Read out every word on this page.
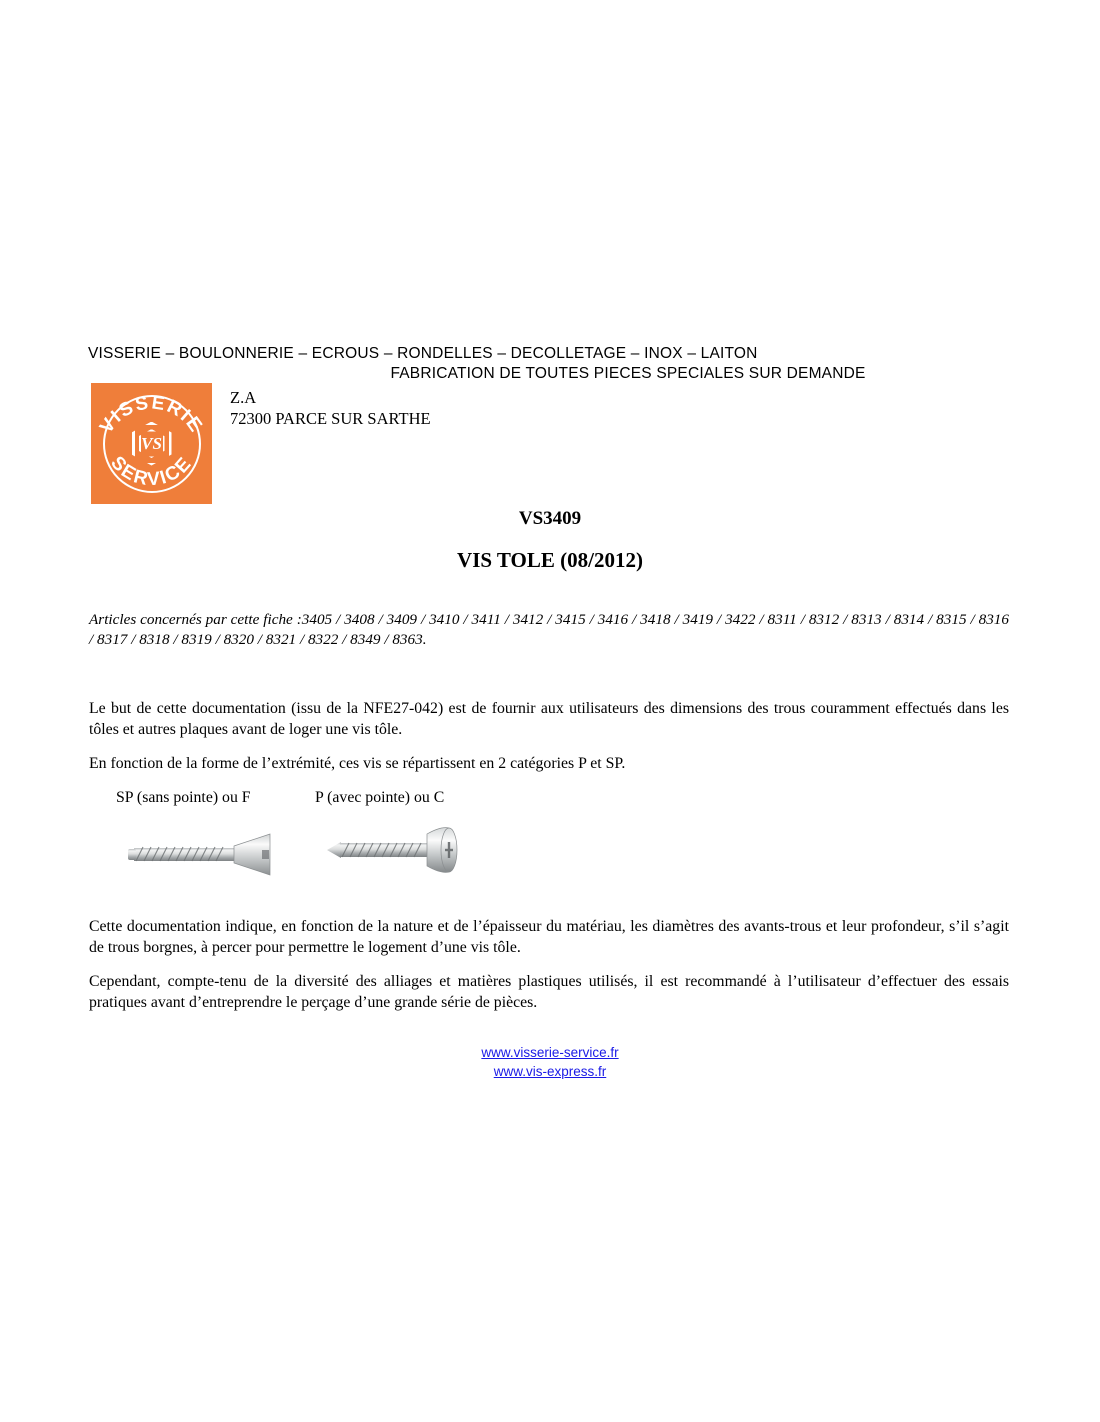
VISSERIE – BOULONNERIE – ECROUS – RONDELLES – DECOLLETAGE – INOX – LAITON
FABRICATION DE TOUTES PIECES SPECIALES SUR DEMANDE
VISSERIE
SERVICE
VS
Z.A
72300 PARCE SUR SARTHE
VS3409
VIS TOLE (08/2012)
Articles concernés par cette fiche :3405 / 3408 / 3409 / 3410 / 3411 / 3412 / 3415 / 3416 / 3418 / 3419 / 3422 / 8311 / 8312 / 8313 / 8314 / 8315 / 8316 / 8317 / 8318 / 8319 / 8320 / 8321 / 8322 / 8349 / 8363.
Le but de cette documentation (issu de la NFE27-042) est de fournir aux utilisateurs des dimensions des trous couramment effectués dans les tôles et autres plaques avant de loger une vis tôle.
En fonction de la forme de l’extrémité, ces vis se répartissent en 2 catégories P et SP.
SP (sans pointe) ou F	P (avec pointe) ou C
Cette documentation indique, en fonction de la nature et de l’épaisseur du matériau, les diamètres des avants-trous et leur profondeur, s’il s’agit de trous borgnes, à percer pour permettre le logement d’une vis tôle.
Cependant, compte-tenu de la diversité des alliages et matières plastiques utilisés, il est recommandé à l’utilisateur d’effectuer des essais pratiques avant d’entreprendre le perçage d’une grande série de pièces.
www.visserie-service.fr
www.vis-express.fr
